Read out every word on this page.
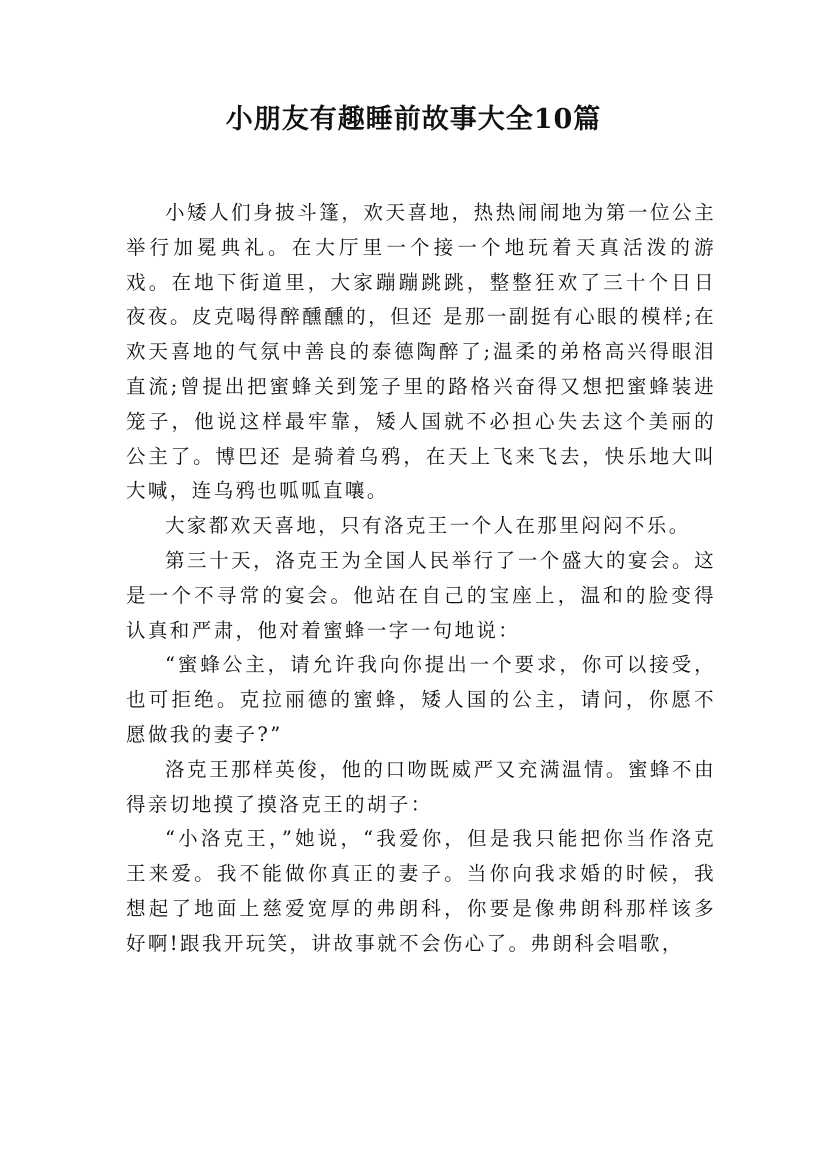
小朋友有趣睡前故事大全10篇

小矮人们身披斗篷，欢天喜地，热热闹闹地为第一位公主举行加冕典礼。在大厅里一个接一个地玩着天真活泼的游戏。在地下街道里，大家蹦蹦跳跳，整整狂欢了三十个日日夜夜。皮克喝得醉醺醺的，但还 是那一副挺有心眼的模样;在欢天喜地的气氛中善良的泰德陶醉了;温柔的弟格高兴得眼泪直流;曾提出把蜜蜂关到笼子里的路格兴奋得又想把蜜蜂装进笼子，他说这样最牢靠，矮人国就不必担心失去这个美丽的公主了。博巴还 是骑着乌鸦，在天上飞来飞去，快乐地大叫大喊，连乌鸦也呱呱直嚷。

大家都欢天喜地，只有洛克王一个人在那里闷闷不乐。

第三十天，洛克王为全国人民举行了一个盛大的宴会。这是一个不寻常的宴会。他站在自己的宝座上，温和的脸变得认真和严肃，他对着蜜蜂一字一句地说：

“蜜蜂公主，请允许我向你提出一个要求，你可以接受，也可拒绝。克拉丽德的蜜蜂，矮人国的公主，请问，你愿不愿做我的妻子?”

洛克王那样英俊，他的口吻既威严又充满温情。蜜蜂不由得亲切地摸了摸洛克王的胡子：

“小洛克王，”她说，“我爱你，但是我只能把你当作洛克王来爱。我不能做你真正的妻子。当你向我求婚的时候，我想起了地面上慈爱宽厚的弗朗科，你要是像弗朗科那样该多好啊!跟我开玩笑，讲故事就不会伤心了。弗朗科会唱歌，
